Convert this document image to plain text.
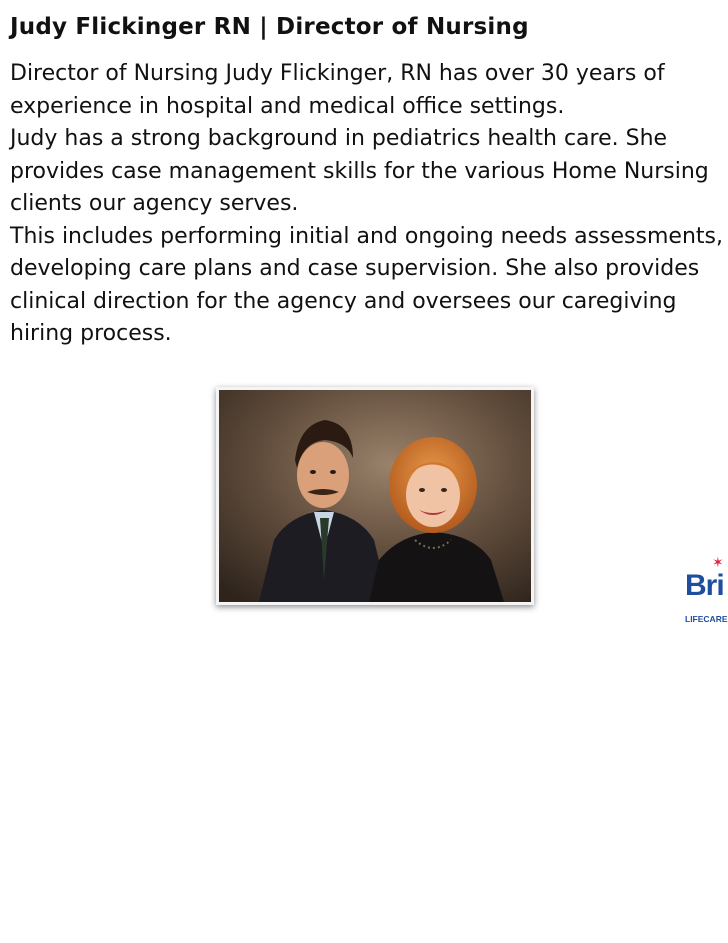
Judy Flickinger RN | Director of Nursing
Director of Nursing Judy Flickinger, RN has over 30 years of
experience in hospital and medical office settings.
Judy has a strong background in pediatrics health care. She
provides case management skills for the various Home Nursing
clients our agency serves.
This includes performing initial and ongoing needs assessments,
developing care plans and case supervision. She also provides
clinical direction for the agency and oversees our caregiving
hiring process.
✶
Bri
LIFECARE
